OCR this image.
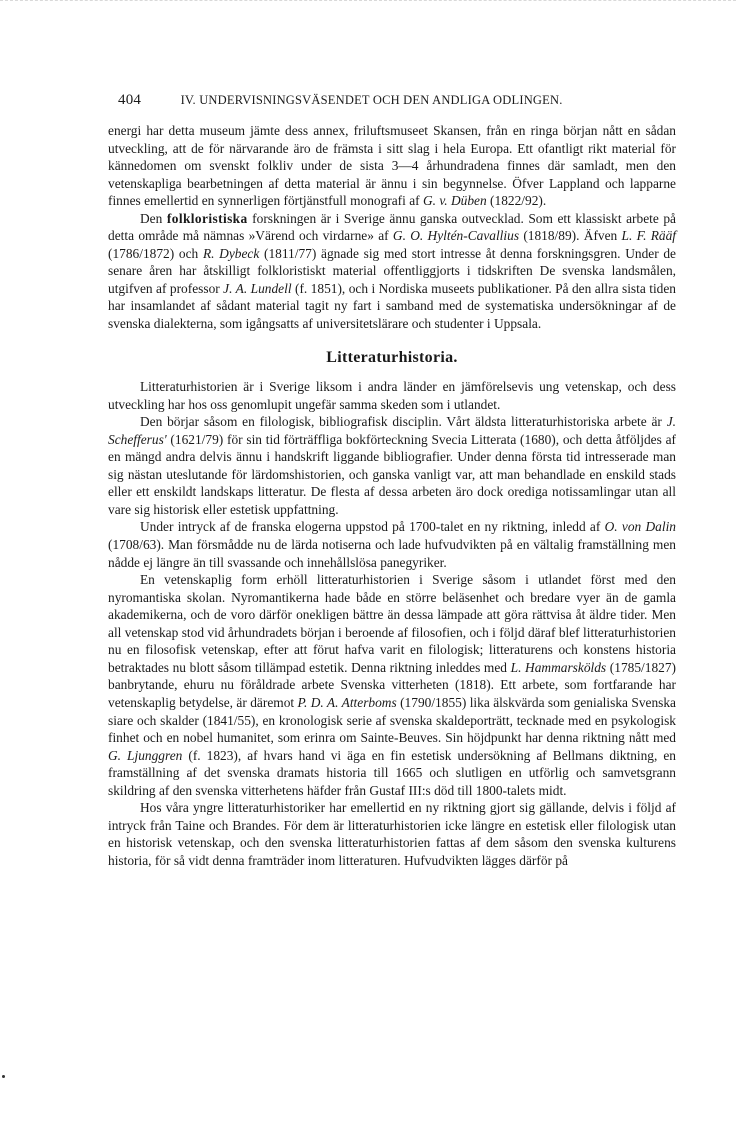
404	IV. UNDERVISNINGSVÄSENDET OCH DEN ANDLIGA ODLINGEN.

energi har detta museum jämte dess annex, friluftsmuseet Skansen, från en ringa början nått en sådan utveckling, att de för närvarande äro de främsta i sitt slag i hela Europa. Ett ofantligt rikt material för kännedomen om svenskt folkliv under de sista 3—4 århundradena finnes där samladt, men den vetenskapliga bearbetningen af detta material är ännu i sin begynnelse. Öfver Lappland och lapparne finnes emellertid en synnerligen förtjänstfull monografi af G. v. Düben (1822/92).

Den folkloristiska forskningen är i Sverige ännu ganska outvecklad. Som ett klassiskt arbete på detta område må nämnas »Värend och virdarne» af G. O. Hyltén-Cavallius (1818/89). Äfven L. F. Rääf (1786/1872) och R. Dybeck (1811/77) ägnade sig med stort intresse åt denna forskningsgren. Under de senare åren har åtskilligt folkloristiskt material offentliggjorts i tidskriften De svenska landsmålen, utgifven af professor J. A. Lundell (f. 1851), och i Nordiska museets publikationer. På den allra sista tiden har insamlandet af sådant material tagit ny fart i samband med de systematiska undersökningar af de svenska dialekterna, som igångsatts af universitetslärare och studenter i Uppsala.

Litteraturhistoria.

Litteraturhistorien är i Sverige liksom i andra länder en jämförelsevis ung vetenskap, och dess utveckling har hos oss genomlupit ungefär samma skeden som i utlandet.

Den börjar såsom en filologisk, bibliografisk disciplin. Vårt äldsta litteraturhistoriska arbete är J. Schefferus' (1621/79) för sin tid förträffliga bokförteckning Svecia Litterata (1680), och detta åtföljdes af en mängd andra delvis ännu i handskrift liggande bibliografier. Under denna första tid intresserade man sig nästan uteslutande för lärdomshistorien, och ganska vanligt var, att man behandlade en enskild stads eller ett enskildt landskaps litteratur. De flesta af dessa arbeten äro dock orediga notissamlingar utan all vare sig historisk eller estetisk uppfattning.

Under intryck af de franska elogerna uppstod på 1700-talet en ny riktning, inledd af O. von Dalin (1708/63). Man försmådde nu de lärda notiserna och lade hufvudvikten på en vältalig framställning men nådde ej längre än till svassande och innehållslösa panegyriker.

En vetenskaplig form erhöll litteraturhistorien i Sverige såsom i utlandet först med den nyromantiska skolan. Nyromantikerna hade både en större beläsenhet och bredare vyer än de gamla akademikerna, och de voro därför onekligen bättre än dessa lämpade att göra rättvisa åt äldre tider. Men all vetenskap stod vid århundradets början i beroende af filosofien, och i följd däraf blef litteraturhistorien nu en filosofisk vetenskap, efter att förut hafva varit en filologisk; litteraturens och konstens historia betraktades nu blott såsom tillämpad estetik. Denna riktning inleddes med L. Hammarskölds (1785/1827) banbrytande, ehuru nu föråldrade arbete Svenska vitterheten (1818). Ett arbete, som fortfarande har vetenskaplig betydelse, är däremot P. D. A. Atterboms (1790/1855) lika älskvärda som genialiska Svenska siare och skalder (1841/55), en kronologisk serie af svenska skaldeporträtt, tecknade med en psykologisk finhet och en nobel humanitet, som erinra om Sainte-Beuves. Sin höjdpunkt har denna riktning nått med G. Ljunggren (f. 1823), af hvars hand vi äga en fin estetisk undersökning af Bellmans diktning, en framställning af det svenska dramats historia till 1665 och slutligen en utförlig och samvetsgrann skildring af den svenska vitterhetens häfder från Gustaf III:s död till 1800-talets midt.

Hos våra yngre litteraturhistoriker har emellertid en ny riktning gjort sig gällande, delvis i följd af intryck från Taine och Brandes. För dem är litteraturhistorien icke längre en estetisk eller filologisk utan en historisk vetenskap, och den svenska litteraturhistorien fattas af dem såsom den svenska kulturens historia, för så vidt denna framträder inom litteraturen. Hufvudvikten lägges därför på
